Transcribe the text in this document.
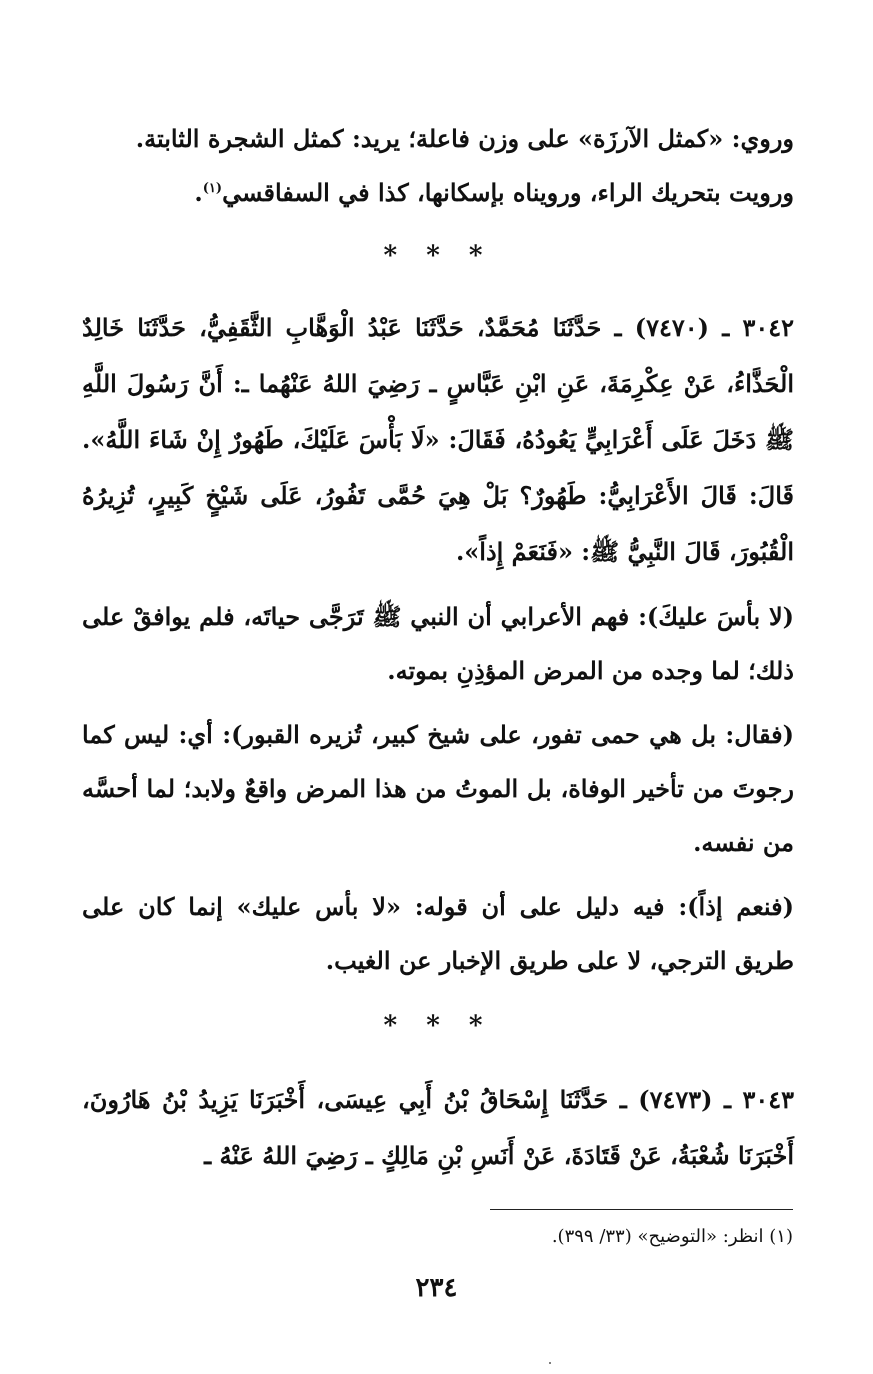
وروي: «كمثل الآرزَة» على وزن فاعلة؛ يريد: كمثل الشجرة الثابتة.
ورويت بتحريك الراء، ورويناه بإسكانها، كذا في السفاقسي$^{(١)}$.

* * *

٣٠٤٢ ـ (٧٤٧٠) ـ حَدَّثَنَا مُحَمَّدٌ، حَدَّثَنَا عَبْدُ الْوَهَّابِ الثَّقَفِيُّ، حَدَّثَنَا خَالِدٌ الْحَذَّاءُ، عَنْ عِكْرِمَةَ، عَنِ ابْنِ عَبَّاسٍ ـ رَضِيَ اللهُ عَنْهُما ـ: أَنَّ رَسُولَ اللَّهِ ﷺ دَخَلَ عَلَى أَعْرَابِيٍّ يَعُودُهُ، فَقَالَ: «لَا بَأْسَ عَلَيْكَ، طَهُورٌ إِنْ شَاءَ اللَّهُ». قَالَ: قَالَ الأَعْرَابِيُّ: طَهُورٌ؟ بَلْ هِيَ حُمَّى تَفُورُ، عَلَى شَيْخٍ كَبِيرٍ، تُزِيرُهُ الْقُبُورَ، قَالَ النَّبِيُّ ﷺ: «فَنَعَمْ إِذاً».

(لا بأسَ عليكَ): فهم الأعرابي أن النبي ﷺ تَرَجَّى حياتَه، فلم يوافقْ على ذلك؛ لما وجده من المرض المؤذِنِ بموته.

(فقال: بل هي حمى تفور، على شيخ كبير، تُزيره القبور): أي: ليس كما رجوتَ من تأخير الوفاة، بل الموتُ من هذا المرض واقعٌ ولابد؛ لما أحسَّه من نفسه.

(فنعم إذاً): فيه دليل على أن قوله: «لا بأس عليك» إنما كان على طريق الترجي، لا على طريق الإخبار عن الغيب.

* * *

٣٠٤٣ ـ (٧٤٧٣) ـ حَدَّثَنَا إِسْحَاقُ بْنُ أَبِي عِيسَى، أَخْبَرَنَا يَزِيدُ بْنُ هَارُونَ، أَخْبَرَنَا شُعْبَةُ، عَنْ قَتَادَةَ، عَنْ أَنَسِ بْنِ مَالِكٍ ـ رَضِيَ اللهُ عَنْهُ ـ

(١) انظر: «التوضيح» (٣٣/ ٣٩٩).
٢٣٤
